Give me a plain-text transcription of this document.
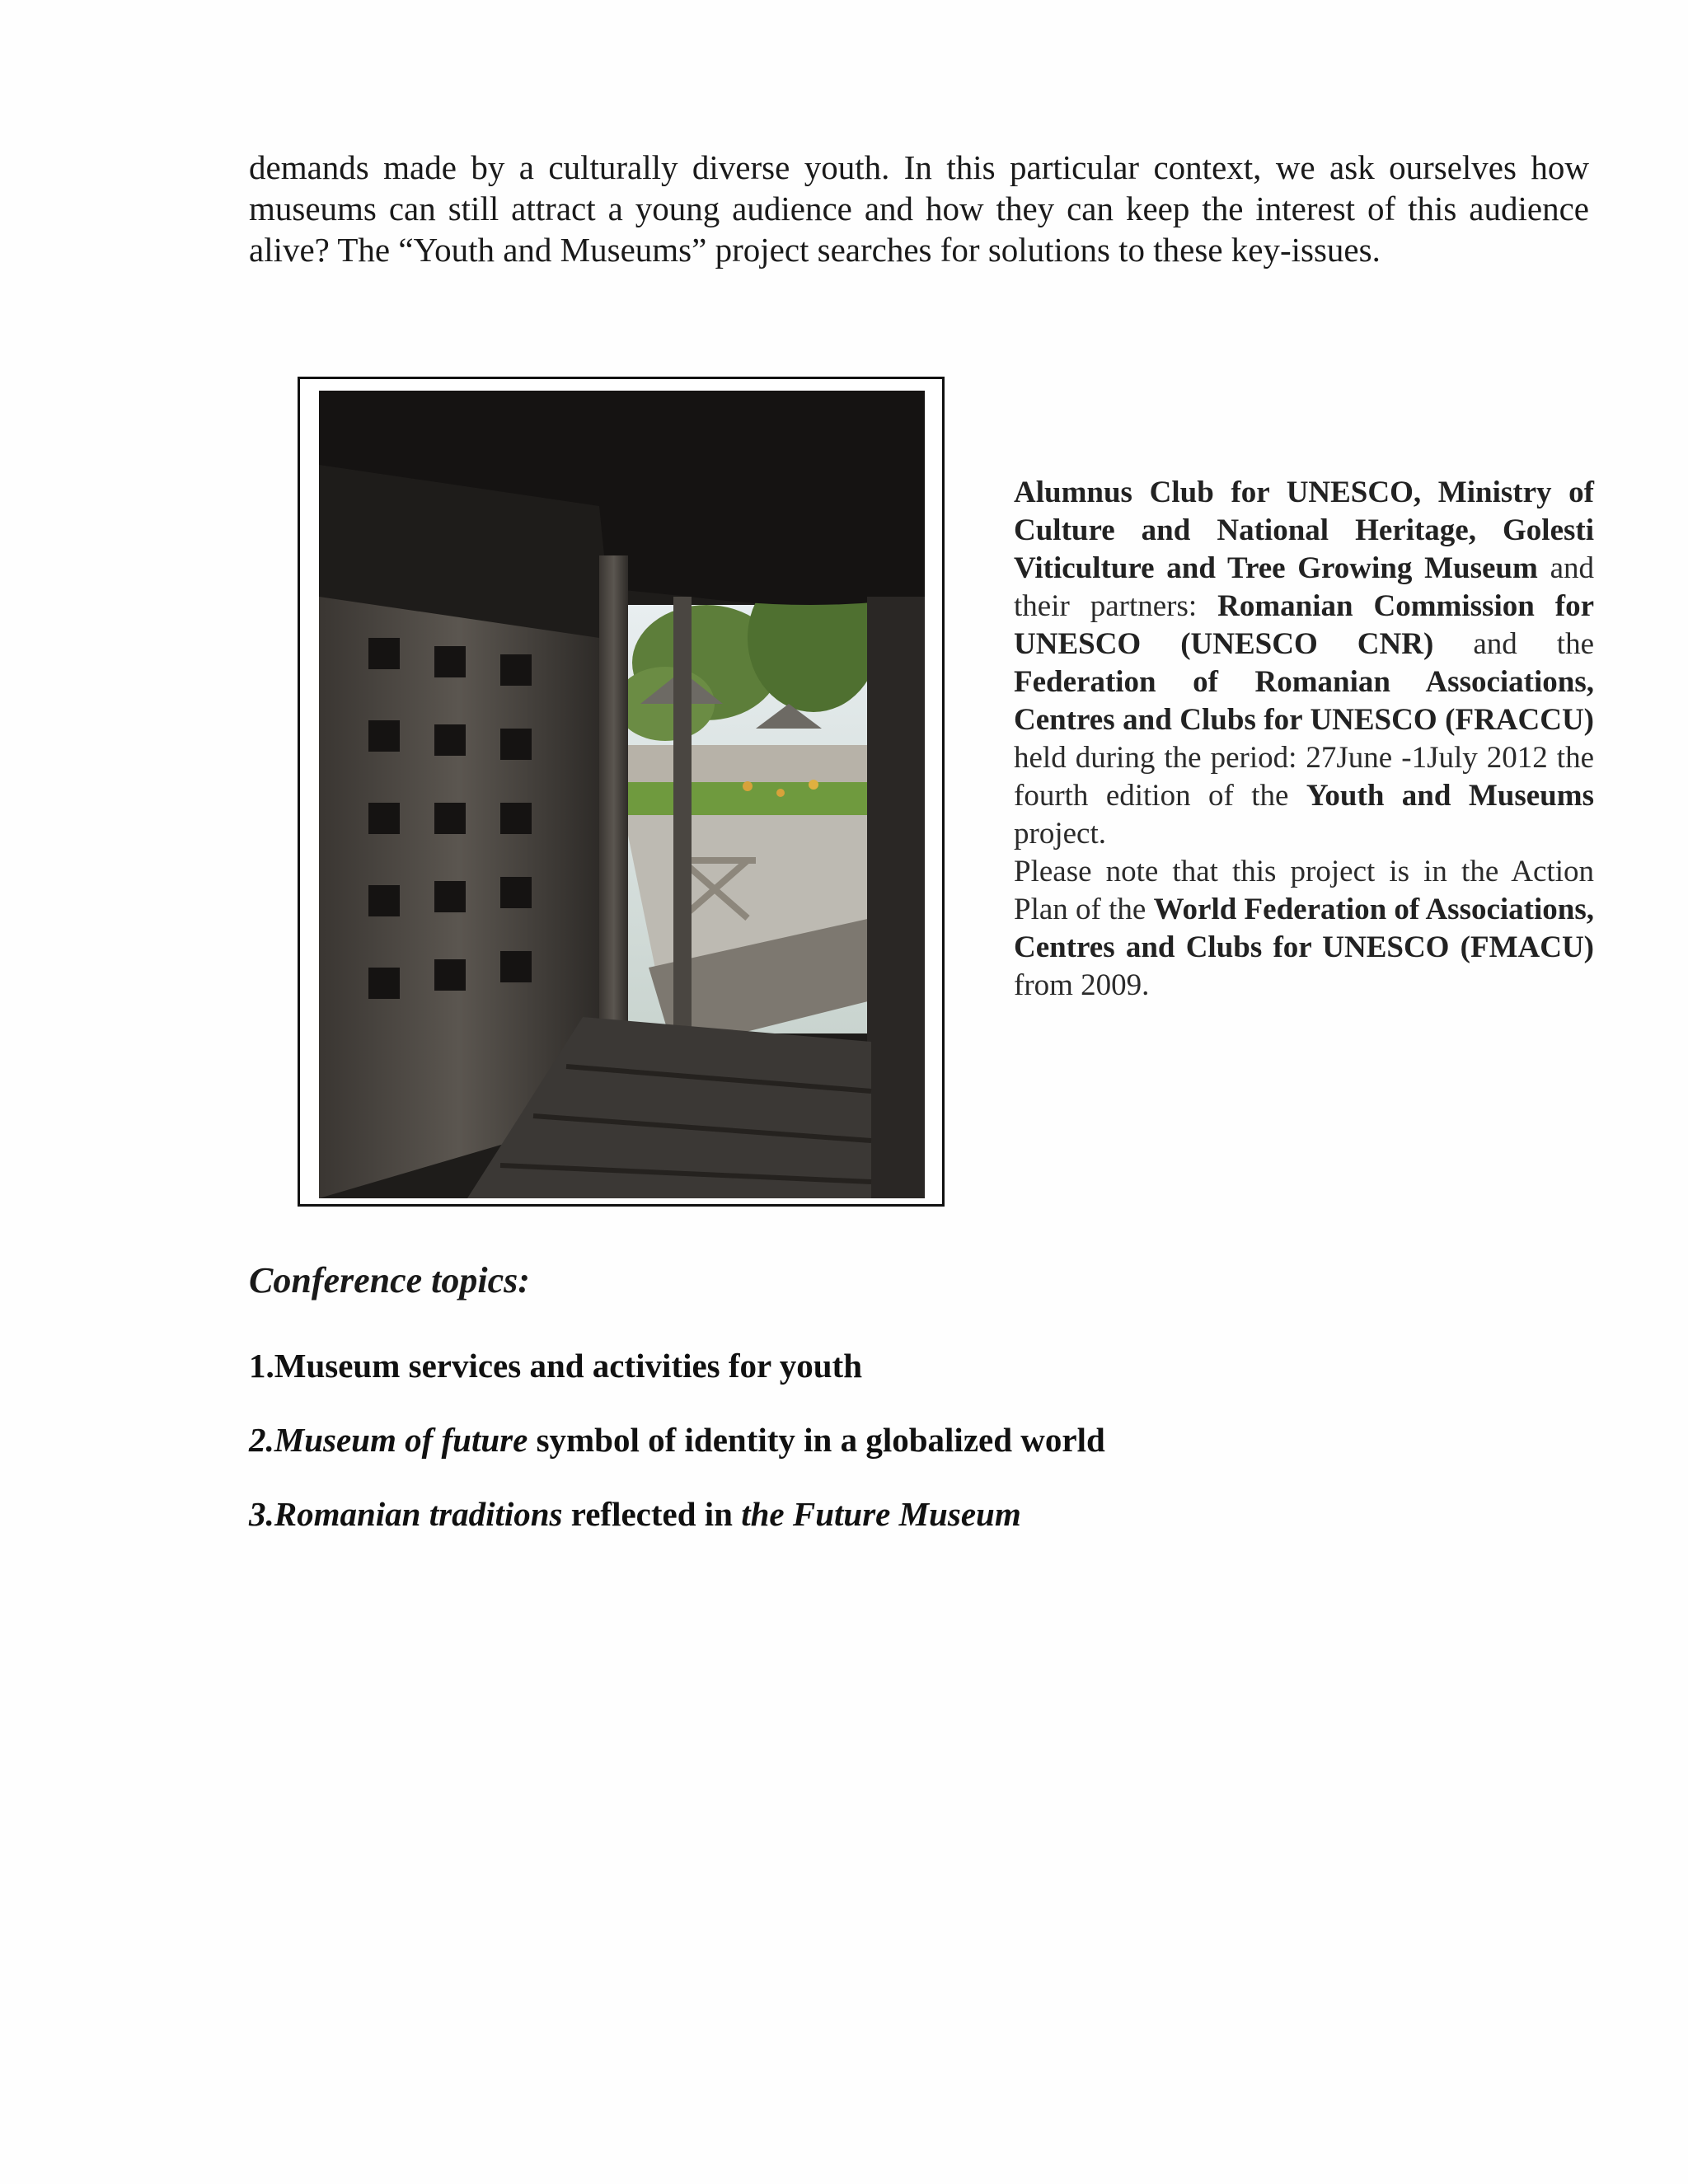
demands made by a culturally diverse youth. In this particular context, we ask ourselves how museums can still attract a young audience and how they can keep the interest of this audience alive? The “Youth and Museums” project searches for solutions to these key-issues.

Alumnus Club for UNESCO, Ministry of Culture and National Heritage, Golesti Viticulture and Tree Growing Museum and their partners: Romanian Commission for UNESCO (UNESCO CNR) and the Federation of Romanian Associations, Centres and Clubs for UNESCO (FRACCU) held during the period: 27June -1July 2012 the fourth edition of the Youth and Museums project.

Please note that this project is in the Action Plan of the World Federation of Associations, Centres and Clubs for UNESCO (FMACU) from 2009.

Conference topics:

1.Museum services and activities for youth

2.Museum of future symbol of identity in a globalized world

3.Romanian traditions reflected in the Future Museum
